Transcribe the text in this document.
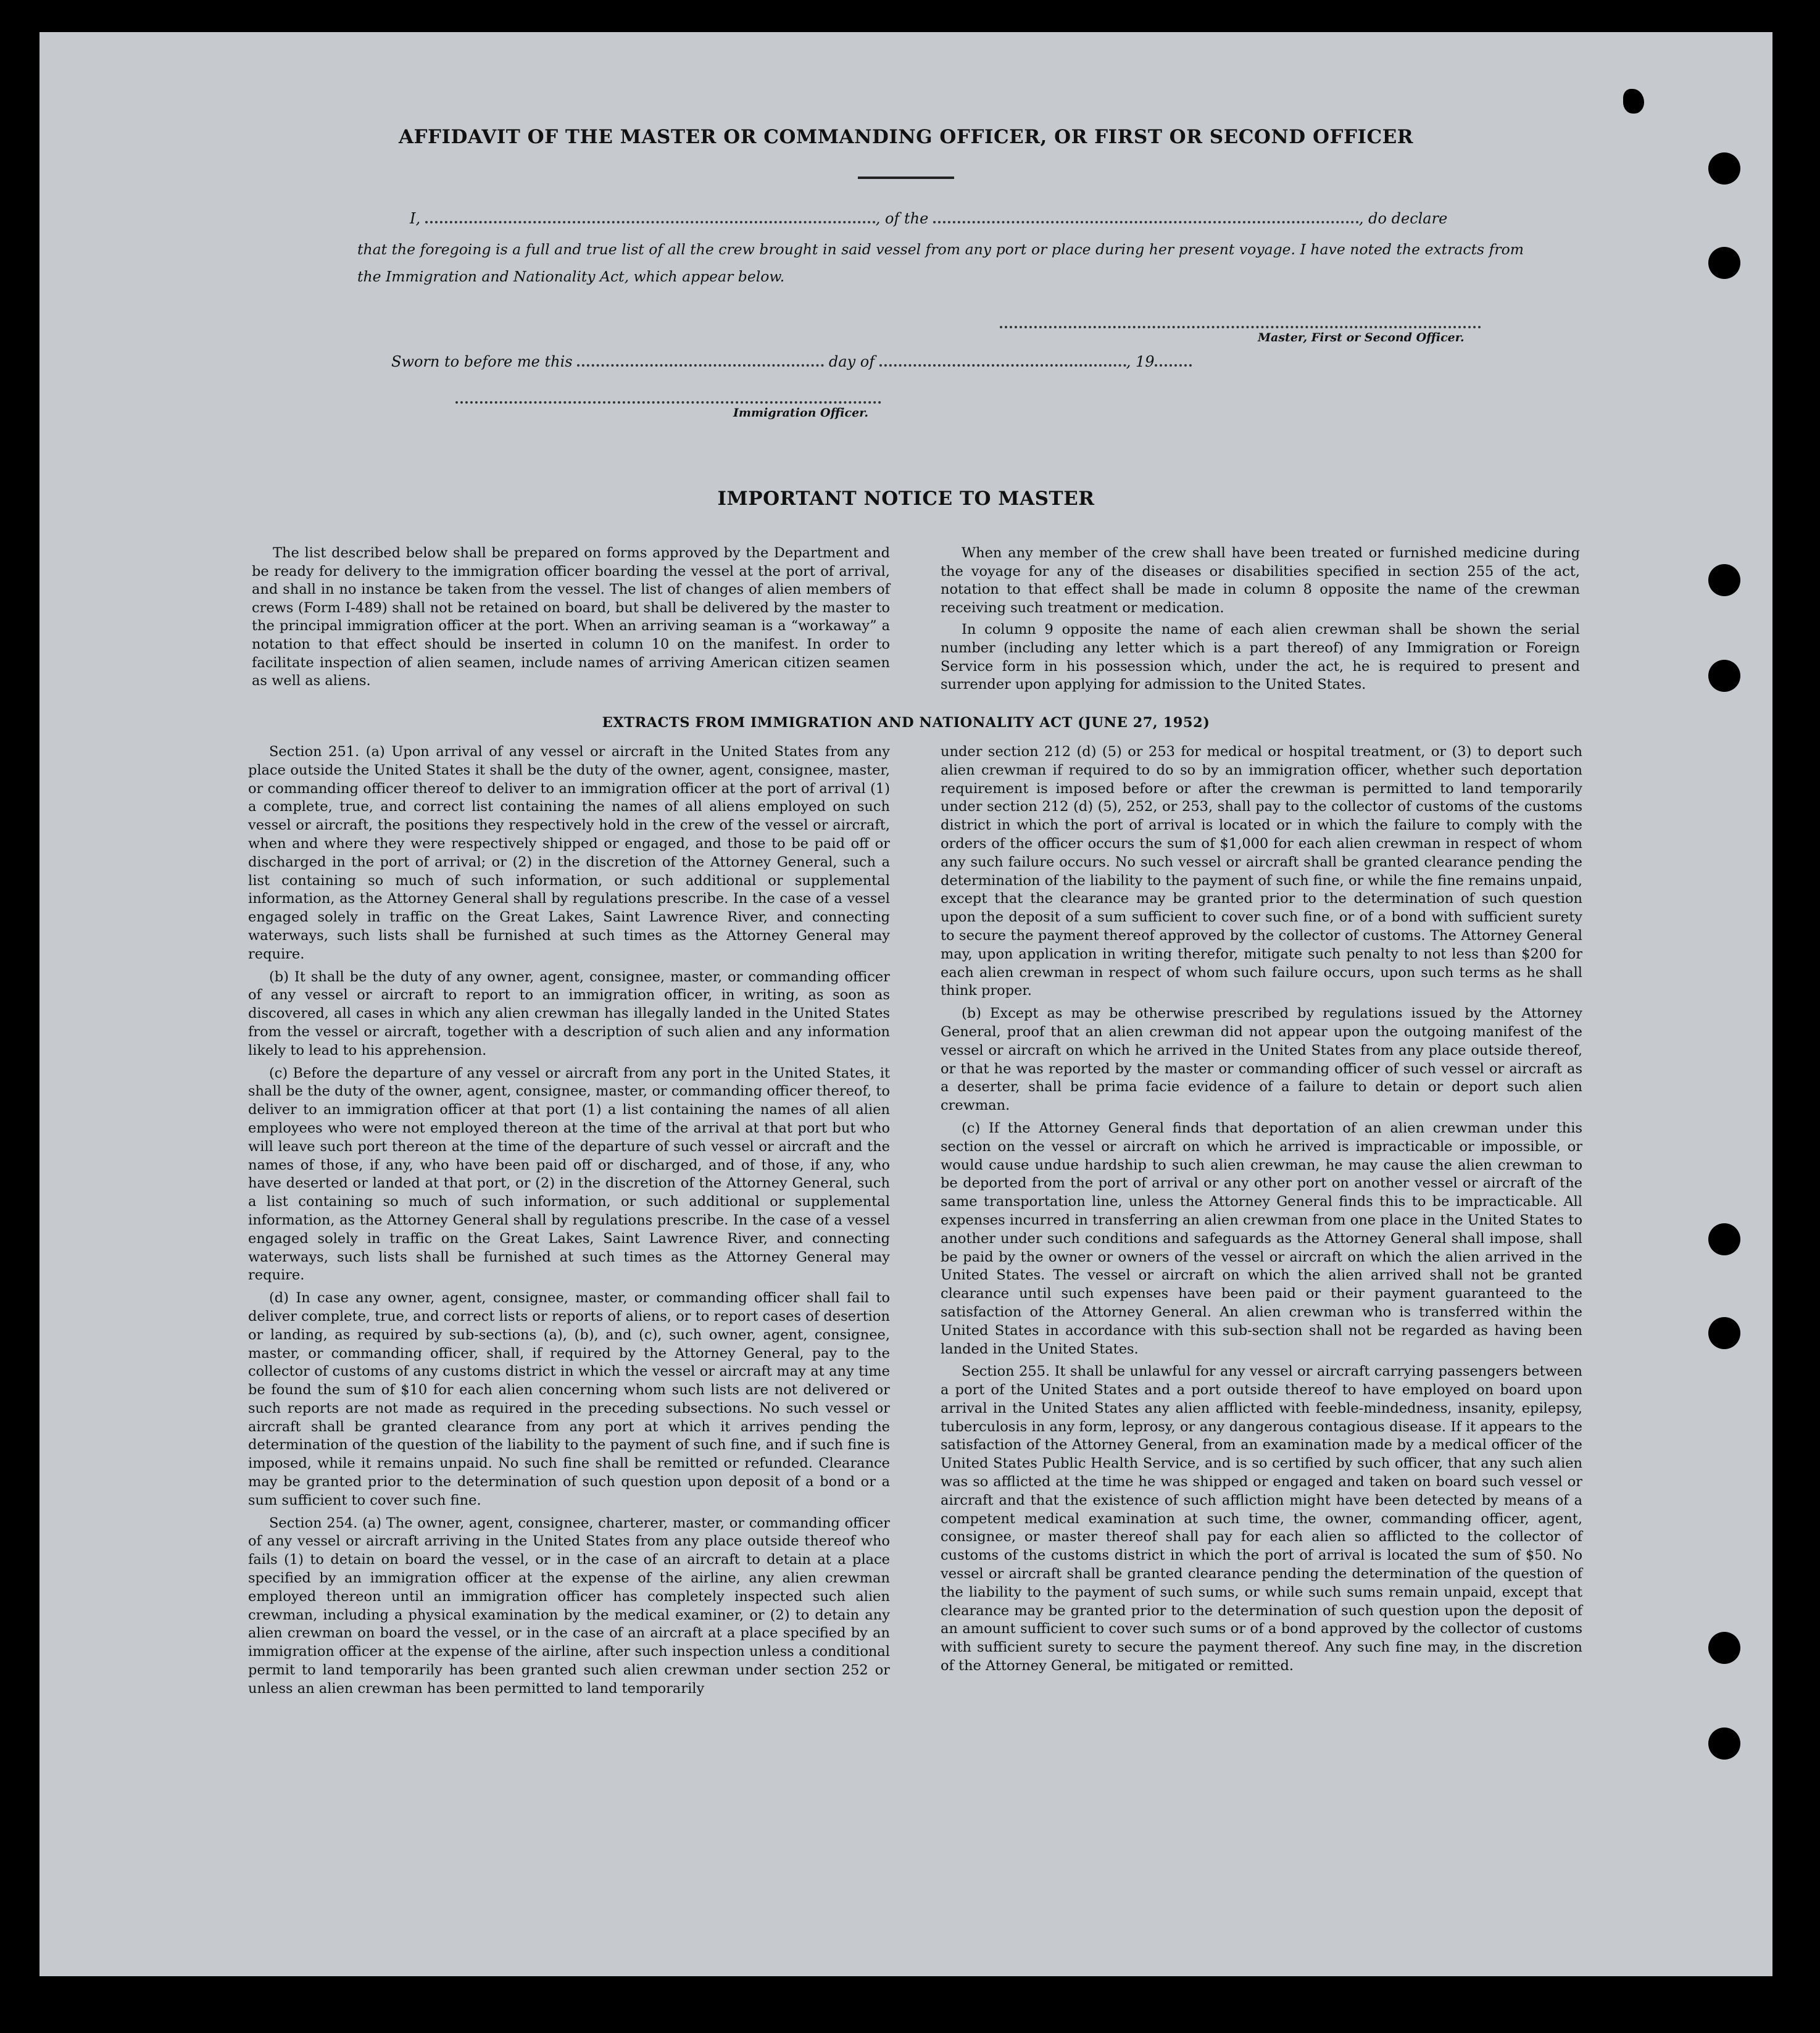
AFFIDAVIT OF THE MASTER OR COMMANDING OFFICER, OR FIRST OR SECOND OFFICER
I,	, of the	, do declare
that the foregoing is a full and true list of all the crew brought in said vessel from any port or place during her present voyage. I have noted the extracts from the Immigration and Nationality Act, which appear below.
Master, First or Second Officer.
Sworn to before me this	day of	, 19
Immigration Officer.
IMPORTANT NOTICE TO MASTER

The list described below shall be prepared on forms approved by the Department and be ready for delivery to the immigration officer boarding the vessel at the port of arrival, and shall in no instance be taken from the vessel. The list of changes of alien members of crews (Form I-489) shall not be retained on board, but shall be delivered by the master to the principal immigration officer at the port. When an arriving seaman is a “workaway” a notation to that effect should be inserted in column 10 on the manifest. In order to facilitate inspection of alien seamen, include names of arriving American citizen seamen as well as aliens.

When any member of the crew shall have been treated or furnished medicine during the voyage for any of the diseases or disabilities specified in section 255 of the act, notation to that effect shall be made in column 8 opposite the name of the crewman receiving such treatment or medication.

In column 9 opposite the name of each alien crewman shall be shown the serial number (including any letter which is a part thereof) of any Immigration or Foreign Service form in his possession which, under the act, he is required to present and surrender upon applying for admission to the United States.

EXTRACTS FROM IMMIGRATION AND NATIONALITY ACT (JUNE 27, 1952)

Section 251. (a) Upon arrival of any vessel or aircraft in the United States from any place outside the United States it shall be the duty of the owner, agent, consignee, master, or commanding officer thereof to deliver to an immigration officer at the port of arrival (1) a complete, true, and correct list containing the names of all aliens employed on such vessel or aircraft, the positions they respectively hold in the crew of the vessel or aircraft, when and where they were respectively shipped or engaged, and those to be paid off or discharged in the port of arrival; or (2) in the discretion of the Attorney General, such a list containing so much of such information, or such additional or supplemental information, as the Attorney General shall by regulations prescribe. In the case of a vessel engaged solely in traffic on the Great Lakes, Saint Lawrence River, and connecting waterways, such lists shall be furnished at such times as the Attorney General may require.

(b) It shall be the duty of any owner, agent, consignee, master, or commanding officer of any vessel or aircraft to report to an immigration officer, in writing, as soon as discovered, all cases in which any alien crewman has illegally landed in the United States from the vessel or aircraft, together with a description of such alien and any information likely to lead to his apprehension.

(c) Before the departure of any vessel or aircraft from any port in the United States, it shall be the duty of the owner, agent, consignee, master, or commanding officer thereof, to deliver to an immigration officer at that port (1) a list containing the names of all alien employees who were not employed thereon at the time of the arrival at that port but who will leave such port thereon at the time of the departure of such vessel or aircraft and the names of those, if any, who have been paid off or discharged, and of those, if any, who have deserted or landed at that port, or (2) in the discretion of the Attorney General, such a list containing so much of such information, or such additional or supplemental information, as the Attorney General shall by regulations prescribe. In the case of a vessel engaged solely in traffic on the Great Lakes, Saint Lawrence River, and connecting waterways, such lists shall be furnished at such times as the Attorney General may require.

(d) In case any owner, agent, consignee, master, or commanding officer shall fail to deliver complete, true, and correct lists or reports of aliens, or to report cases of desertion or landing, as required by sub-sections (a), (b), and (c), such owner, agent, consignee, master, or commanding officer, shall, if required by the Attorney General, pay to the collector of customs of any customs district in which the vessel or aircraft may at any time be found the sum of $10 for each alien concerning whom such lists are not delivered or such reports are not made as required in the preceding subsections. No such vessel or aircraft shall be granted clearance from any port at which it arrives pending the determination of the question of the liability to the payment of such fine, and if such fine is imposed, while it remains unpaid. No such fine shall be remitted or refunded. Clearance may be granted prior to the determination of such question upon deposit of a bond or a sum sufficient to cover such fine.

Section 254. (a) The owner, agent, consignee, charterer, master, or commanding officer of any vessel or aircraft arriving in the United States from any place outside thereof who fails (1) to detain on board the vessel, or in the case of an aircraft to detain at a place specified by an immigration officer at the expense of the airline, any alien crewman employed thereon until an immigration officer has completely inspected such alien crewman, including a physical examination by the medical examiner, or (2) to detain any alien crewman on board the vessel, or in the case of an aircraft at a place specified by an immigration officer at the expense of the airline, after such inspection unless a conditional permit to land temporarily has been granted such alien crewman under section 252 or unless an alien crewman has been permitted to land temporarily

under section 212 (d) (5) or 253 for medical or hospital treatment, or (3) to deport such alien crewman if required to do so by an immigration officer, whether such deportation requirement is imposed before or after the crewman is permitted to land temporarily under section 212 (d) (5), 252, or 253, shall pay to the collector of customs of the customs district in which the port of arrival is located or in which the failure to comply with the orders of the officer occurs the sum of $1,000 for each alien crewman in respect of whom any such failure occurs. No such vessel or aircraft shall be granted clearance pending the determination of the liability to the payment of such fine, or while the fine remains unpaid, except that the clearance may be granted prior to the determination of such question upon the deposit of a sum sufficient to cover such fine, or of a bond with sufficient surety to secure the payment thereof approved by the collector of customs. The Attorney General may, upon application in writing therefor, mitigate such penalty to not less than $200 for each alien crewman in respect of whom such failure occurs, upon such terms as he shall think proper.

(b) Except as may be otherwise prescribed by regulations issued by the Attorney General, proof that an alien crewman did not appear upon the outgoing manifest of the vessel or aircraft on which he arrived in the United States from any place outside thereof, or that he was reported by the master or commanding officer of such vessel or aircraft as a deserter, shall be prima facie evidence of a failure to detain or deport such alien crewman.

(c) If the Attorney General finds that deportation of an alien crewman under this section on the vessel or aircraft on which he arrived is impracticable or impossible, or would cause undue hardship to such alien crewman, he may cause the alien crewman to be deported from the port of arrival or any other port on another vessel or aircraft of the same transportation line, unless the Attorney General finds this to be impracticable. All expenses incurred in transferring an alien crewman from one place in the United States to another under such conditions and safeguards as the Attorney General shall impose, shall be paid by the owner or owners of the vessel or aircraft on which the alien arrived in the United States. The vessel or aircraft on which the alien arrived shall not be granted clearance until such expenses have been paid or their payment guaranteed to the satisfaction of the Attorney General. An alien crewman who is transferred within the United States in accordance with this sub-section shall not be regarded as having been landed in the United States.

Section 255. It shall be unlawful for any vessel or aircraft carrying passengers between a port of the United States and a port outside thereof to have employed on board upon arrival in the United States any alien afflicted with feeble-mindedness, insanity, epilepsy, tuberculosis in any form, leprosy, or any dangerous contagious disease. If it appears to the satisfaction of the Attorney General, from an examination made by a medical officer of the United States Public Health Service, and is so certified by such officer, that any such alien was so afflicted at the time he was shipped or engaged and taken on board such vessel or aircraft and that the existence of such affliction might have been detected by means of a competent medical examination at such time, the owner, commanding officer, agent, consignee, or master thereof shall pay for each alien so afflicted to the collector of customs of the customs district in which the port of arrival is located the sum of $50. No vessel or aircraft shall be granted clearance pending the determination of the question of the liability to the payment of such sums, or while such sums remain unpaid, except that clearance may be granted prior to the determination of such question upon the deposit of an amount sufficient to cover such sums or of a bond approved by the collector of customs with sufficient surety to secure the payment thereof. Any such fine may, in the discretion of the Attorney General, be mitigated or remitted.
